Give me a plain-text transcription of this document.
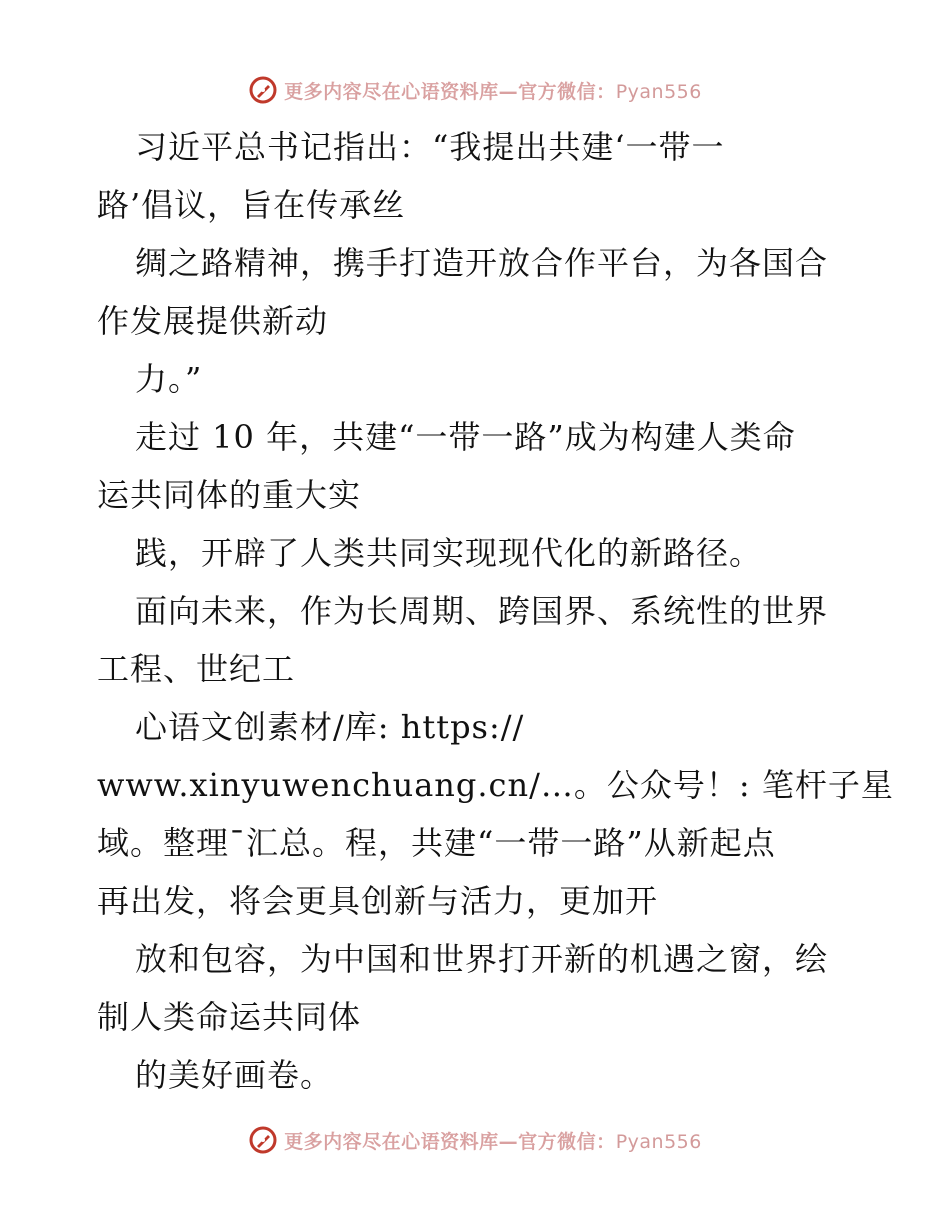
更多内容尽在心语资料库—官方微信：Pyan556
习近平总书记指出：“我提出共建‘一带一
路’倡议，旨在传承丝
绸之路精神，携手打造开放合作平台，为各国合
作发展提供新动
力。”
走过 10 年，共建“一带一路”成为构建人类命
运共同体的重大实
践，开辟了人类共同实现现代化的新路径。
面向未来，作为长周期、跨国界、系统性的世界
工程、世纪工
心语文创素材/库: https://
www.xinyuwenchuang.cn/…。公众号！: 笔杆子星
域。整理¯汇总。程，共建“一带一路”从新起点
再出发，将会更具创新与活力，更加开
放和包容，为中国和世界打开新的机遇之窗，绘
制人类命运共同体
的美好画卷。
更多内容尽在心语资料库—官方微信：Pyan556
